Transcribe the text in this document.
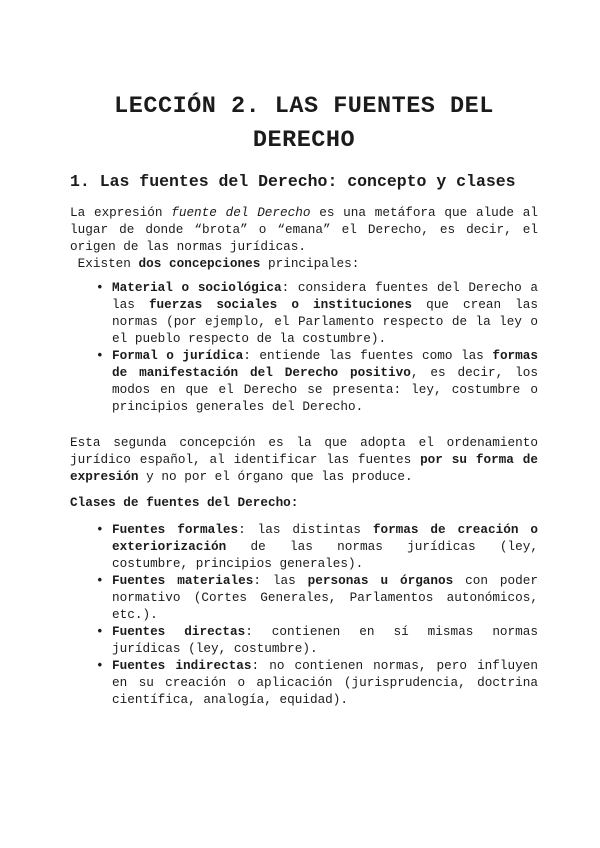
LECCIÓN 2. LAS FUENTES DEL
DERECHO
1. Las fuentes del Derecho: concepto y clases

La expresión fuente del Derecho es una metáfora que alude al lugar de donde “brota” o “emana” el Derecho, es decir, el origen de las normas jurídicas.
Existen dos concepciones principales:

• Material o sociológica: considera fuentes del Derecho a las fuerzas sociales o instituciones que crean las normas (por ejemplo, el Parlamento respecto de la ley o el pueblo respecto de la costumbre).
• Formal o jurídica: entiende las fuentes como las formas de manifestación del Derecho positivo, es decir, los modos en que el Derecho se presenta: ley, costumbre o principios generales del Derecho.

Esta segunda concepción es la que adopta el ordenamiento jurídico español, al identificar las fuentes por su forma de expresión y no por el órgano que las produce.

Clases de fuentes del Derecho:

• Fuentes formales: las distintas formas de creación o exteriorización de las normas jurídicas (ley, costumbre, principios generales).
• Fuentes materiales: las personas u órganos con poder normativo (Cortes Generales, Parlamentos autonómicos, etc.).
• Fuentes directas: contienen en sí mismas normas jurídicas (ley, costumbre).
• Fuentes indirectas: no contienen normas, pero influyen en su creación o aplicación (jurisprudencia, doctrina científica, analogía, equidad).
